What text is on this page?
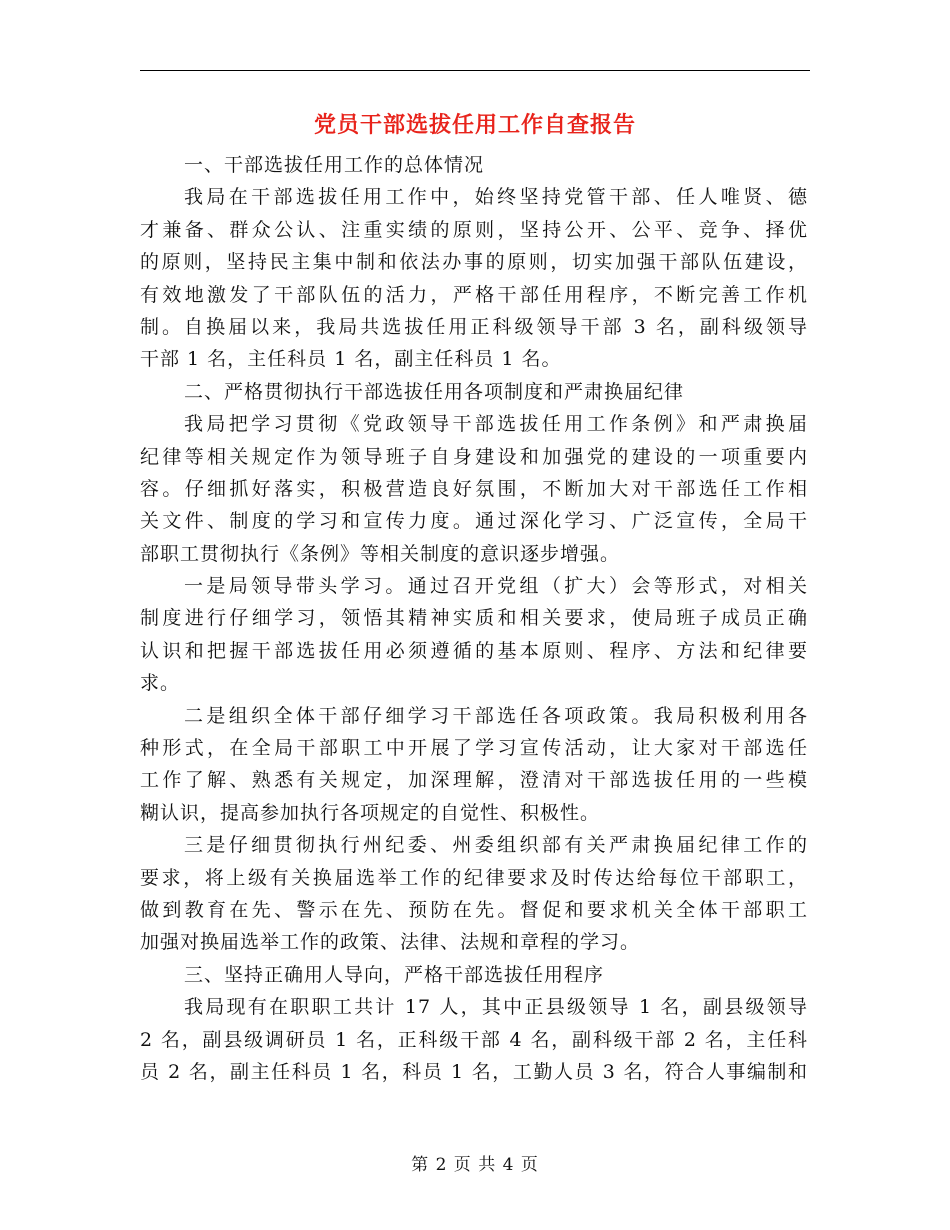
党员干部选拔任用工作自查报告
一、干部选拔任用工作的总体情况
我局在干部选拔任用工作中，始终坚持党管干部、任人唯贤、德
才兼备、群众公认、注重实绩的原则，坚持公开、公平、竞争、择优
的原则，坚持民主集中制和依法办事的原则，切实加强干部队伍建设，
有效地激发了干部队伍的活力，严格干部任用程序，不断完善工作机
制。自换届以来，我局共选拔任用正科级领导干部 3 名，副科级领导
干部 1 名，主任科员 1 名，副主任科员 1 名。
二、严格贯彻执行干部选拔任用各项制度和严肃换届纪律
我局把学习贯彻《党政领导干部选拔任用工作条例》和严肃换届
纪律等相关规定作为领导班子自身建设和加强党的建设的一项重要内
容。仔细抓好落实，积极营造良好氛围，不断加大对干部选任工作相
关文件、制度的学习和宣传力度。通过深化学习、广泛宣传，全局干
部职工贯彻执行《条例》等相关制度的意识逐步增强。
一是局领导带头学习。通过召开党组（扩大）会等形式，对相关
制度进行仔细学习，领悟其精神实质和相关要求，使局班子成员正确
认识和把握干部选拔任用必须遵循的基本原则、程序、方法和纪律要
求。
二是组织全体干部仔细学习干部选任各项政策。我局积极利用各
种形式，在全局干部职工中开展了学习宣传活动，让大家对干部选任
工作了解、熟悉有关规定，加深理解，澄清对干部选拔任用的一些模
糊认识，提高参加执行各项规定的自觉性、积极性。
三是仔细贯彻执行州纪委、州委组织部有关严肃换届纪律工作的
要求，将上级有关换届选举工作的纪律要求及时传达给每位干部职工，
做到教育在先、警示在先、预防在先。督促和要求机关全体干部职工
加强对换届选举工作的政策、法律、法规和章程的学习。
三、坚持正确用人导向，严格干部选拔任用程序
我局现有在职职工共计 17 人，其中正县级领导 1 名，副县级领导
2 名，副县级调研员 1 名，正科级干部 4 名，副科级干部 2 名，主任科
员 2 名，副主任科员 1 名，科员 1 名，工勤人员 3 名，符合人事编制和
第 2 页 共 4 页
